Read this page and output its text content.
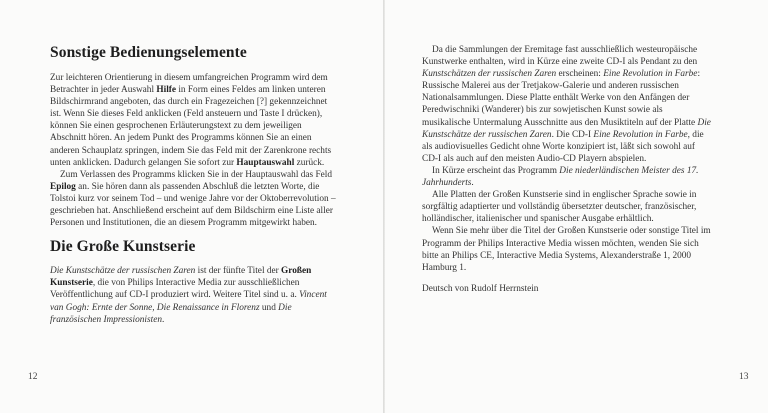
Sonstige Bedienungselemente

Zur leichteren Orientierung in diesem umfangreichen Programm wird dem Betrachter in jeder Auswahl Hilfe in Form eines Feldes am linken unteren Bildschirmrand angeboten, das durch ein Fragezeichen [?] gekennzeichnet ist. Wenn Sie dieses Feld anklicken (Feld ansteuern und Taste I drücken), können Sie einen gesprochenen Erläuterungstext zu dem jeweiligen Abschnitt hören. An jedem Punkt des Programms können Sie an einen anderen Schauplatz springen, indem Sie das Feld mit der Zarenkrone rechts unten anklicken. Dadurch gelangen Sie sofort zur Hauptauswahl zurück.

Zum Verlassen des Programms klicken Sie in der Hauptauswahl das Feld Epilog an. Sie hören dann als passenden Abschluß die letzten Worte, die Tolstoi kurz vor seinem Tod – und wenige Jahre vor der Oktoberrevolution – geschrieben hat. Anschließend erscheint auf dem Bildschirm eine Liste aller Personen und Institutionen, die an diesem Programm mitgewirkt haben.

Die Große Kunstserie

Die Kunstschätze der russischen Zaren ist der fünfte Titel der Großen Kunstserie, die von Philips Interactive Media zur ausschließlichen Veröffentlichung auf CD-I produziert wird. Weitere Titel sind u. a. Vincent van Gogh: Ernte der Sonne, Die Renaissance in Florenz und Die französischen Impressionisten.

12

Da die Sammlungen der Eremitage fast ausschließlich westeuropäische Kunstwerke enthalten, wird in Kürze eine zweite CD-I als Pendant zu den Kunstschätzen der russischen Zaren erscheinen: Eine Revolution in Farbe: Russische Malerei aus der Tretjakow-Galerie und anderen russischen Nationalsammlungen. Diese Platte enthält Werke von den Anfängen der Peredwischniki (Wanderer) bis zur sowjetischen Kunst sowie als musikalische Untermalung Ausschnitte aus den Musiktiteln auf der Platte Die Kunstschätze der russischen Zaren. Die CD-I Eine Revolution in Farbe, die als audiovisuelles Gedicht ohne Worte konzipiert ist, läßt sich sowohl auf CD-I als auch auf den meisten Audio-CD Playern abspielen.

In Kürze erscheint das Programm Die niederländischen Meister des 17. Jahrhunderts.

Alle Platten der Großen Kunstserie sind in englischer Sprache sowie in sorgfältig adaptierter und vollständig übersetzter deutscher, französischer, holländischer, italienischer und spanischer Ausgabe erhältlich.

Wenn Sie mehr über die Titel der Großen Kunstserie oder sonstige Titel im Programm der Philips Interactive Media wissen möchten, wenden Sie sich bitte an Philips CE, Interactive Media Systems, Alexanderstraße 1, 2000 Hamburg 1.

Deutsch von Rudolf Herrnstein

13
